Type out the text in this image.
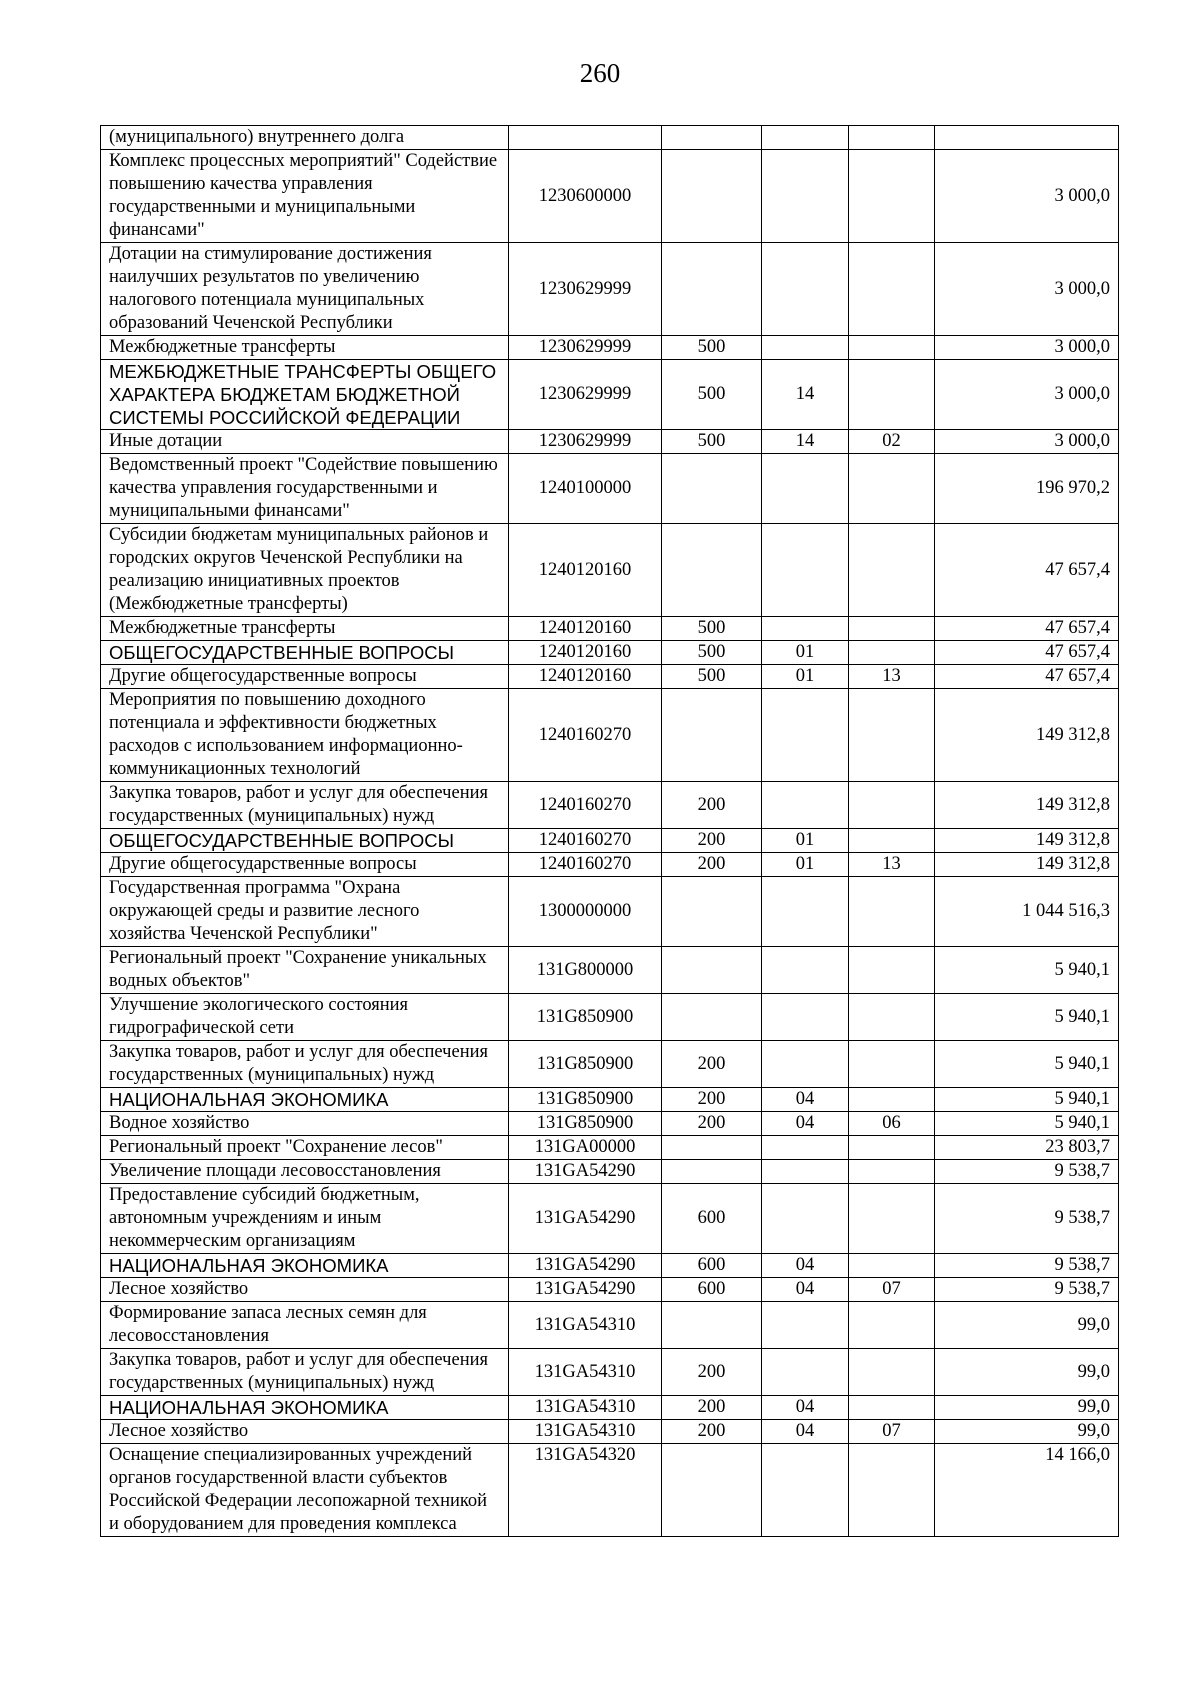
260
(муниципального) внутреннего долга					
Комплекс процессных мероприятий" Содействие повышению качества управления государственными и муниципальными финансами"	1230600000				3 000,0
Дотации на стимулирование достижения наилучших результатов по увеличению налогового потенциала муниципальных образований Чеченской Республики	1230629999				3 000,0
Межбюджетные трансферты	1230629999	500			3 000,0
МЕЖБЮДЖЕТНЫЕ ТРАНСФЕРТЫ ОБЩЕГО ХАРАКТЕРА БЮДЖЕТАМ БЮДЖЕТНОЙ СИСТЕМЫ РОССИЙСКОЙ ФЕДЕРАЦИИ	1230629999	500	14		3 000,0
Иные дотации	1230629999	500	14	02	3 000,0
Ведомственный проект "Содействие повышению качества управления государственными и муниципальными финансами"	1240100000				196 970,2
Субсидии бюджетам муниципальных районов и городских округов Чеченской Республики на реализацию инициативных проектов (Межбюджетные трансферты)	1240120160				47 657,4
Межбюджетные трансферты	1240120160	500			47 657,4
ОБЩЕГОСУДАРСТВЕННЫЕ ВОПРОСЫ	1240120160	500	01		47 657,4
Другие общегосударственные вопросы	1240120160	500	01	13	47 657,4
Мероприятия по повышению доходного потенциала и эффективности бюджетных расходов с использованием информационно-коммуникационных технологий	1240160270				149 312,8
Закупка товаров, работ и услуг для обеспечения государственных (муниципальных) нужд	1240160270	200			149 312,8
ОБЩЕГОСУДАРСТВЕННЫЕ ВОПРОСЫ	1240160270	200	01		149 312,8
Другие общегосударственные вопросы	1240160270	200	01	13	149 312,8
Государственная программа "Охрана окружающей среды и развитие лесного хозяйства Чеченской Республики"	1300000000				1 044 516,3
Региональный проект "Сохранение уникальных водных объектов"	131G800000				5 940,1
Улучшение экологического состояния гидрографической сети	131G850900				5 940,1
Закупка товаров, работ и услуг для обеспечения государственных (муниципальных) нужд	131G850900	200			5 940,1
НАЦИОНАЛЬНАЯ ЭКОНОМИКА	131G850900	200	04		5 940,1
Водное хозяйство	131G850900	200	04	06	5 940,1
Региональный проект "Сохранение лесов"	131GA00000				23 803,7
Увеличение площади лесовосстановления	131GA54290				9 538,7
Предоставление субсидий бюджетным, автономным учреждениям и иным некоммерческим организациям	131GA54290	600			9 538,7
НАЦИОНАЛЬНАЯ ЭКОНОМИКА	131GA54290	600	04		9 538,7
Лесное хозяйство	131GA54290	600	04	07	9 538,7
Формирование запаса лесных семян для лесовосстановления	131GA54310				99,0
Закупка товаров, работ и услуг для обеспечения государственных (муниципальных) нужд	131GA54310	200			99,0
НАЦИОНАЛЬНАЯ ЭКОНОМИКА	131GA54310	200	04		99,0
Лесное хозяйство	131GA54310	200	04	07	99,0
Оснащение специализированных учреждений органов государственной власти субъектов Российской Федерации лесопожарной техникой и оборудованием для проведения комплекса	131GA54320				14 166,0
